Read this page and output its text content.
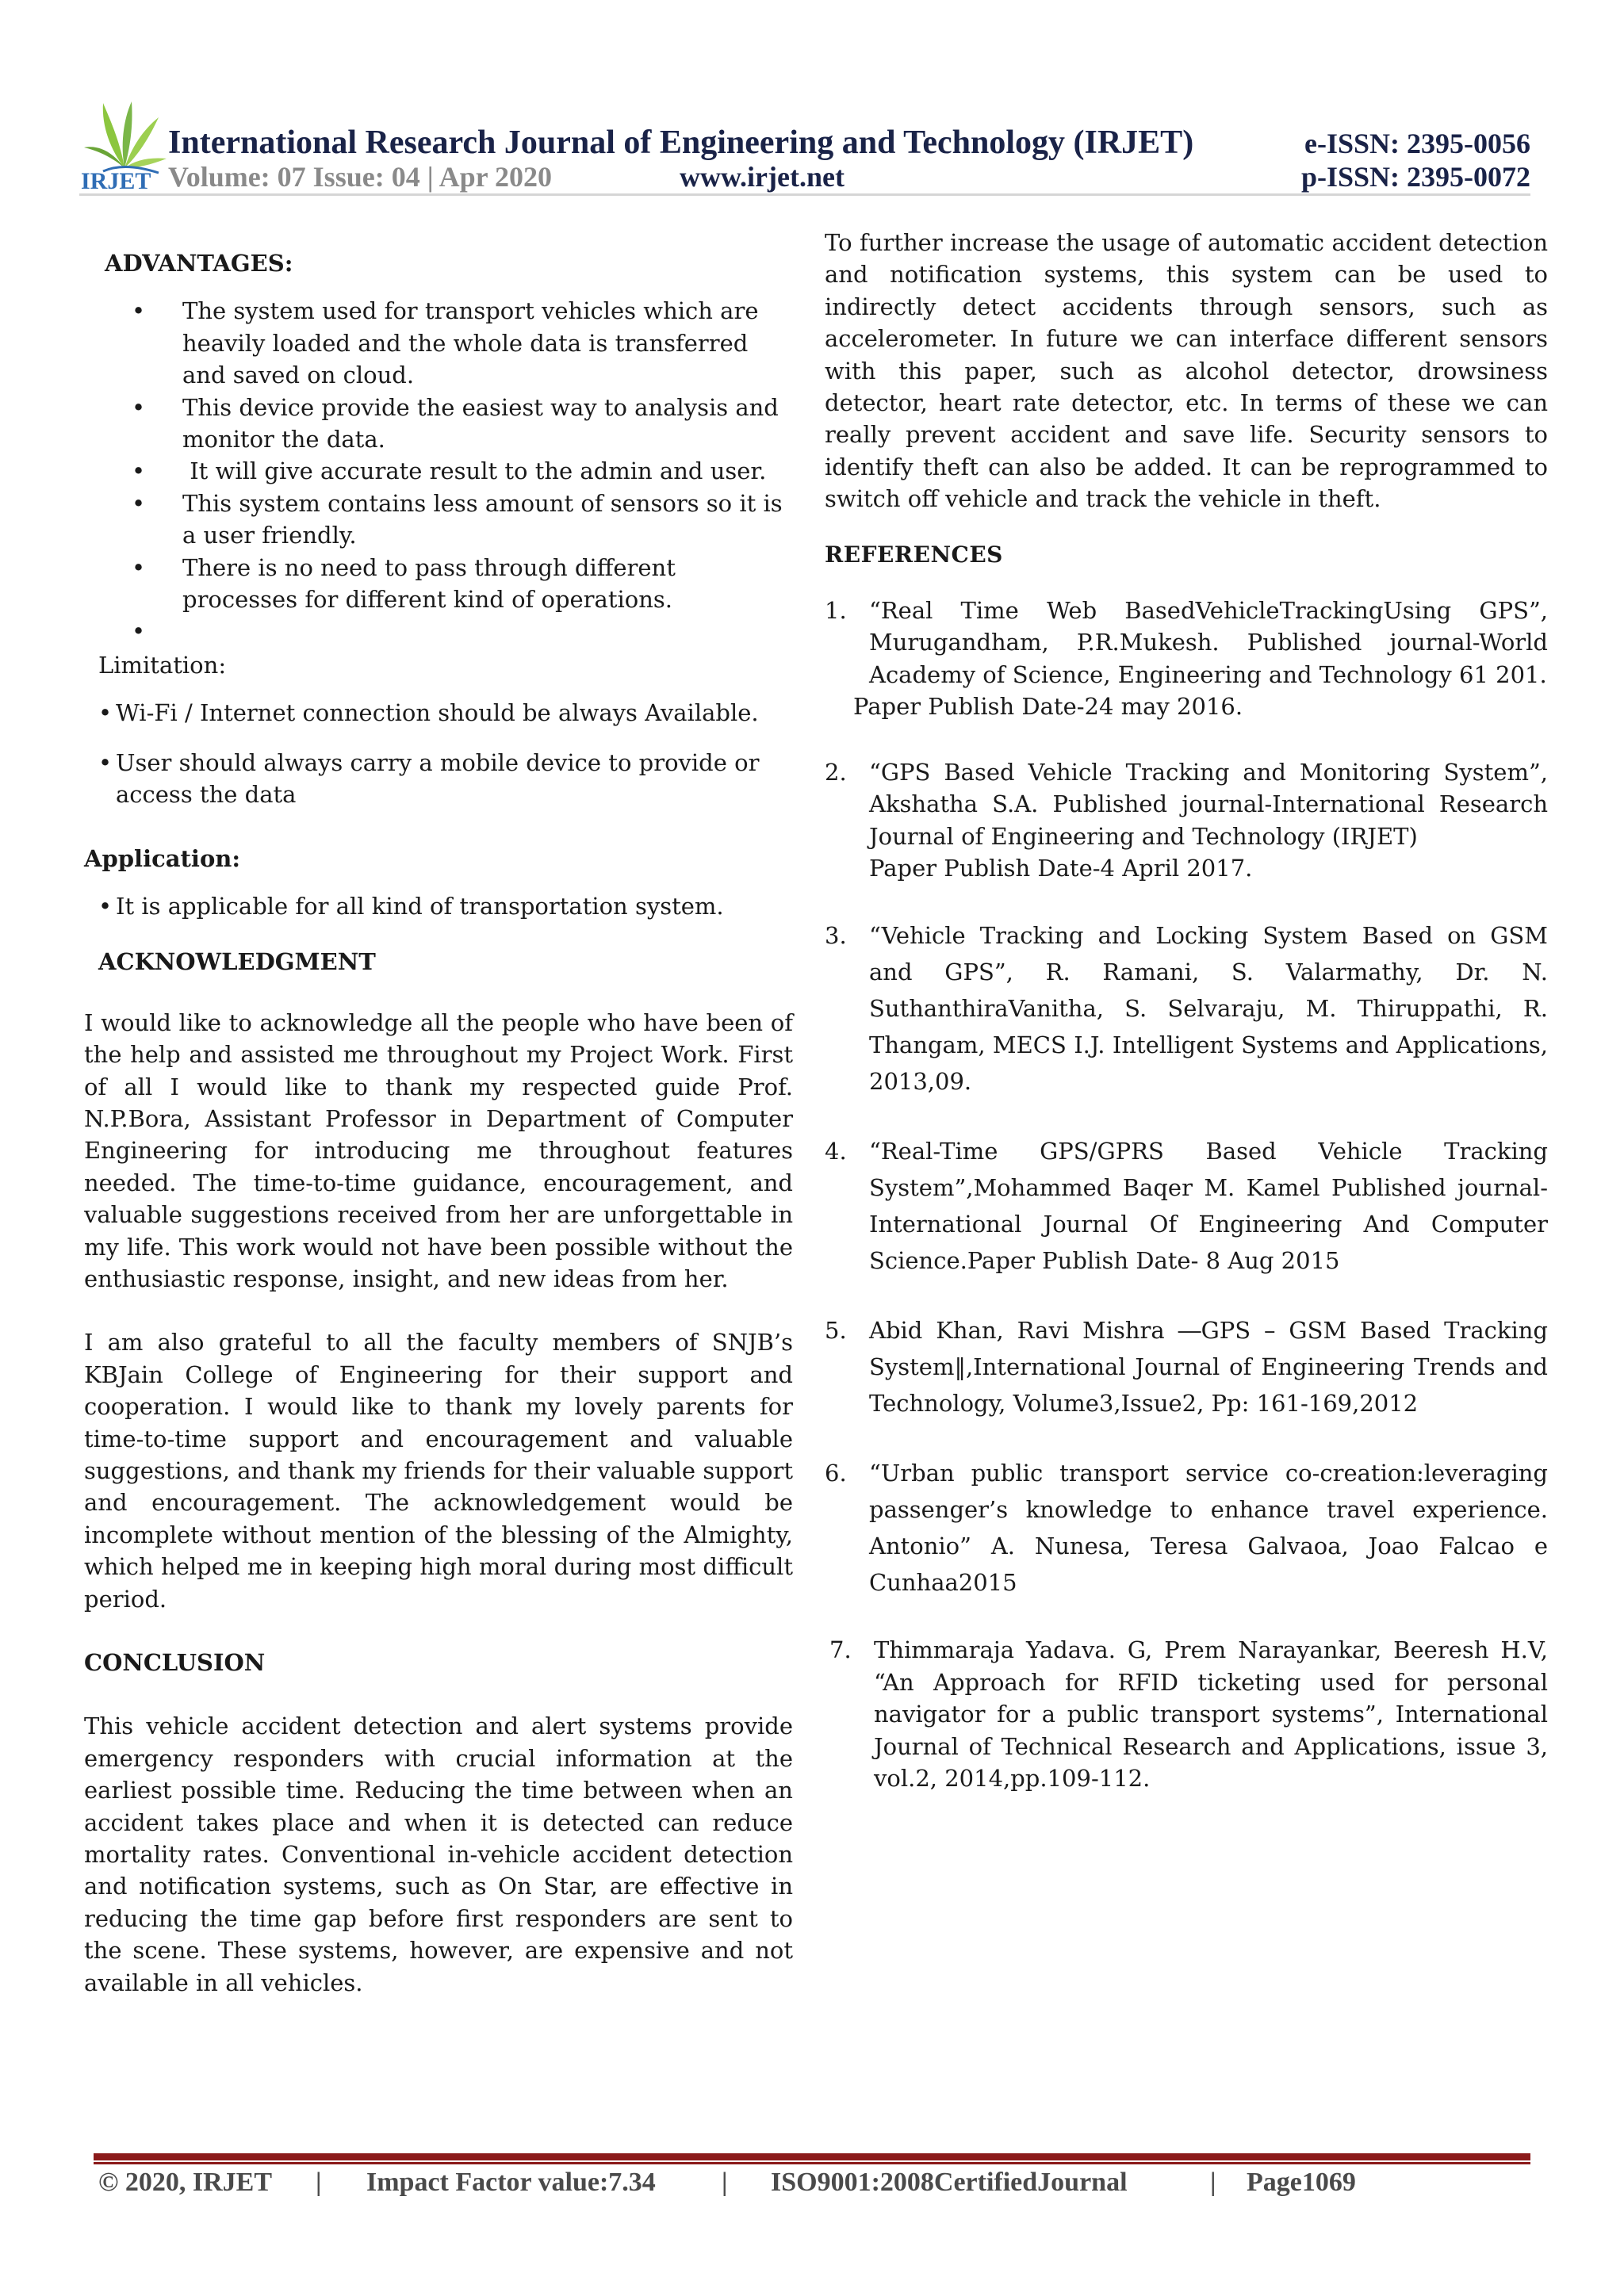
IRJET
International Research Journal of Engineering and Technology (IRJET)	e-ISSN: 2395-0056
Volume: 07 Issue: 04 | Apr 2020	www.irjet.net	p-ISSN: 2395-0072
ADVANTAGES:
• The system used for transport vehicles which are heavily loaded and the whole data is transferred and saved on cloud.
• This device provide the easiest way to analysis and monitor the data.
• It will give accurate result to the admin and user.
• This system contains less amount of sensors so it is a user friendly.
• There is no need to pass through different processes for different kind of operations.
•

Limitation:
• Wi-Fi / Internet connection should be always Available.
• User should always carry a mobile device to provide or access the data
Application:
• It is applicable for all kind of transportation system.
ACKNOWLEDGMENT

I would like to acknowledge all the people who have been of the help and assisted me throughout my Project Work. First of all I would like to thank my respected guide Prof. N.P.Bora, Assistant Professor in Department of Computer Engineering for introducing me throughout features needed. The time-to-time guidance, encouragement, and valuable suggestions received from her are unforgettable in my life. This work would not have been possible without the enthusiastic response, insight, and new ideas from her.

I am also grateful to all the faculty members of SNJB’s KBJain College of Engineering for their support and cooperation. I would like to thank my lovely parents for time-to-time support and encouragement and valuable suggestions, and thank my friends for their valuable support and encouragement. The acknowledgement would be incomplete without mention of the blessing of the Almighty, which helped me in keeping high moral during most difficult period.

CONCLUSION

This vehicle accident detection and alert systems provide emergency responders with crucial information at the earliest possible time. Reducing the time between when an accident takes place and when it is detected can reduce mortality rates. Conventional in-vehicle accident detection and notification systems, such as On Star, are effective in reducing the time gap before first responders are sent to the scene. These systems, however, are expensive and not available in all vehicles.

To further increase the usage of automatic accident detection and notification systems, this system can be used to indirectly detect accidents through sensors, such as accelerometer. In future we can interface different sensors with this paper, such as alcohol detector, drowsiness detector, heart rate detector, etc. In terms of these we can really prevent accident and save life. Security sensors to identify theft can also be added. It can be reprogrammed to switch off vehicle and track the vehicle in theft.

REFERENCES
1. “Real Time Web BasedVehicleTrackingUsing GPS”, Murugandham, P.R.Mukesh. Published journal-World Academy of Science, Engineering and Technology 61 201.
Paper Publish Date-24 may 2016.
2. “GPS Based Vehicle Tracking and Monitoring System”, Akshatha S.A. Published journal-International Research Journal of Engineering and Technology (IRJET)
Paper Publish Date-4 April 2017.
3. “Vehicle Tracking and Locking System Based on GSM and GPS”, R. Ramani, S. Valarmathy, Dr. N. SuthanthiraVanitha, S. Selvaraju, M. Thiruppathi, R. Thangam, MECS I.J. Intelligent Systems and Applications, 2013,09.
4. “Real-Time GPS/GPRS Based Vehicle Tracking System”,Mohammed Baqer M. Kamel Published journal-International Journal Of Engineering And Computer Science.Paper Publish Date- 8 Aug 2015
5. Abid Khan, Ravi Mishra ―GPS – GSM Based Tracking System‖,International Journal of Engineering Trends and Technology, Volume3,Issue2, Pp: 161-169,2012
6. “Urban public transport service co-creation:leveraging passenger’s knowledge to enhance travel experience. Antonio” A. Nunesa, Teresa Galvaoa, Joao Falcao e Cunhaa2015
7. Thimmaraja Yadava. G, Prem Narayankar, Beeresh H.V, “An Approach for RFID ticketing used for personal navigator for a public transport systems”, International Journal of Technical Research and Applications, issue 3, vol.2, 2014,pp.109-112.
© 2020, IRJET | Impact Factor value:7.34 | ISO9001:2008CertifiedJournal	| Page1069
